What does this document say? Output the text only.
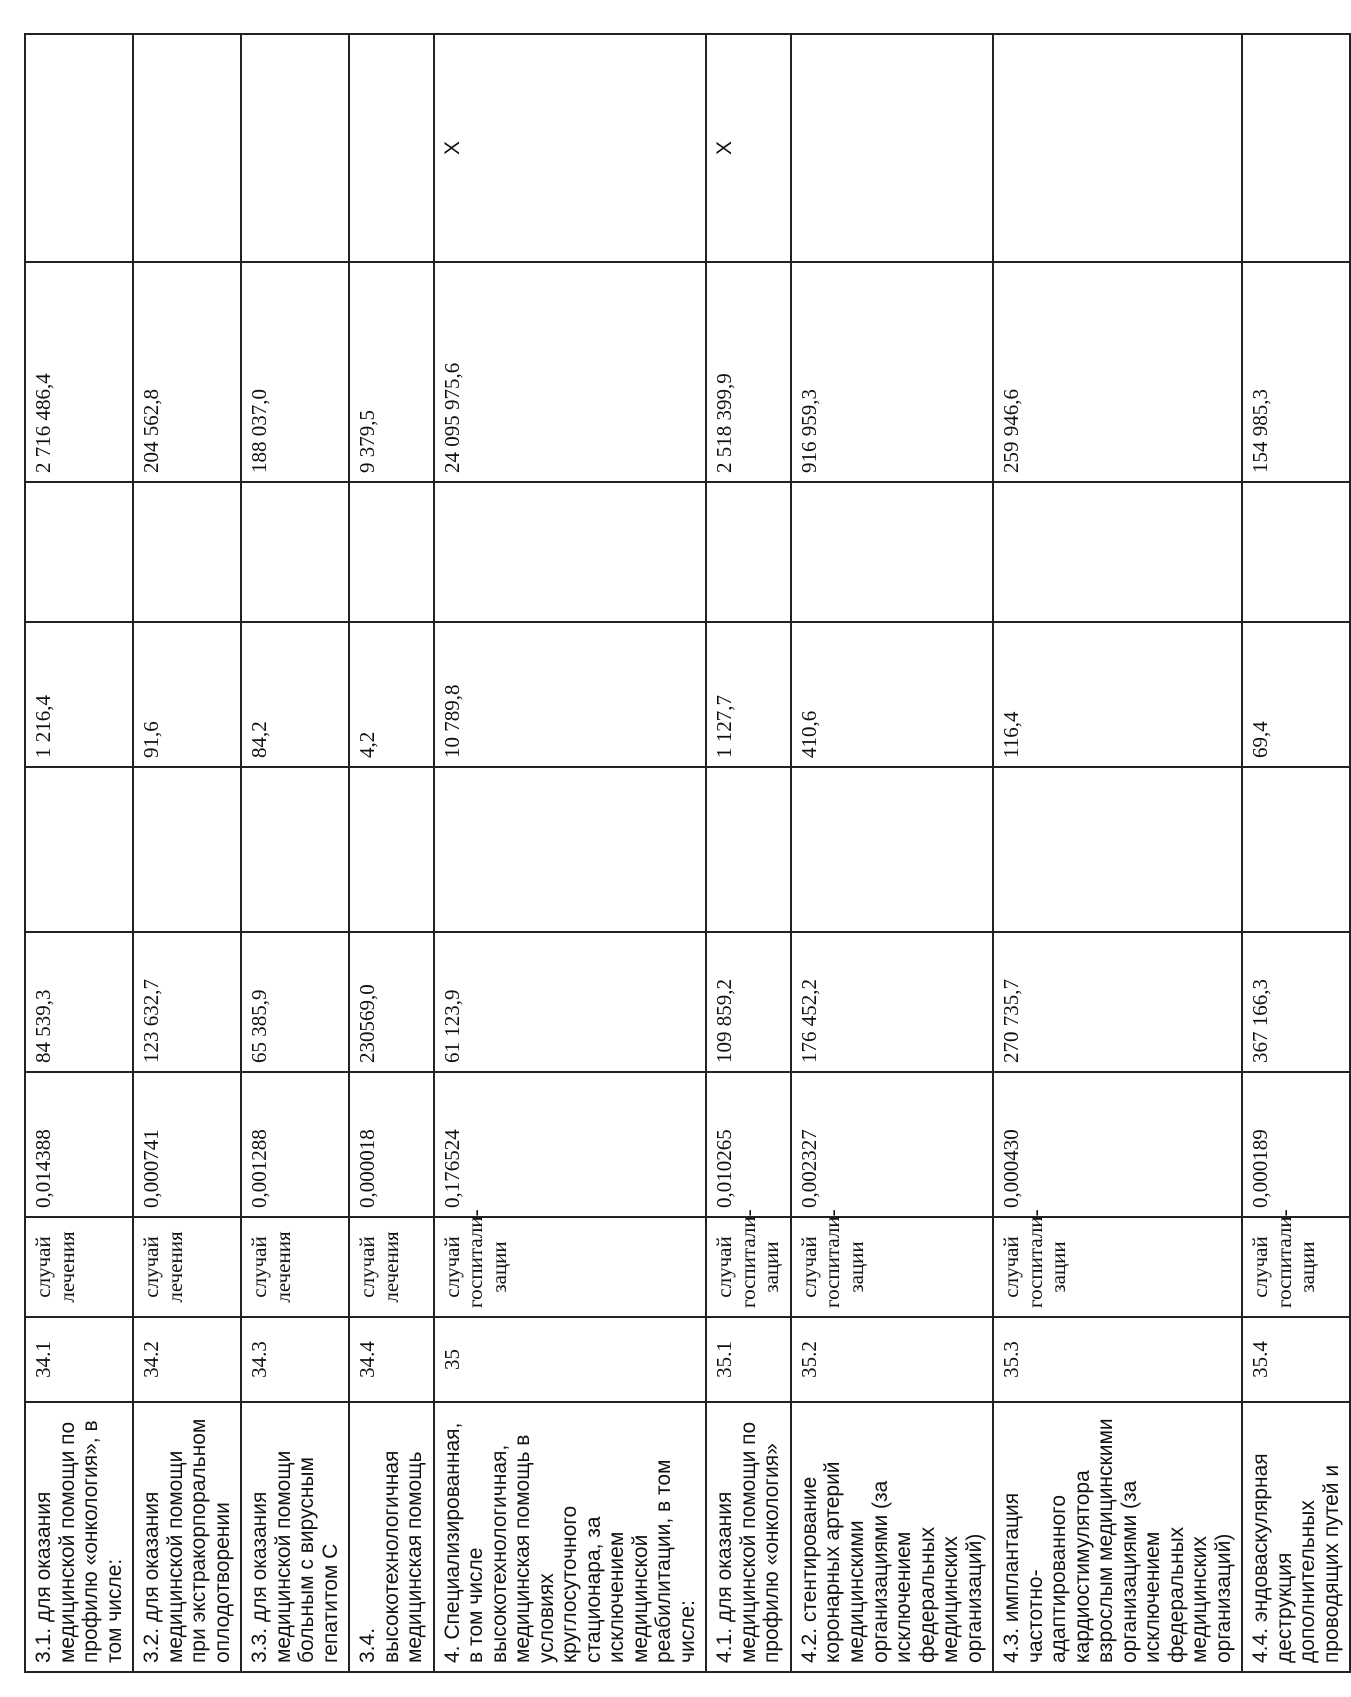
3.1. для оказания медицинской помощи по профилю «онкология», в том числе:	34.1	случай лечения	0,014388	84 539,3		1 216,4		2 716 486,4	
3.2. для оказания медицинской помощи при экстракорпоральном оплодотворении	34.2	случай лечения	0,000741	123 632,7		91,6		204 562,8	
3.3. для оказания медицинской помощи больным с вирусным гепатитом С	34.3	случай лечения	0,001288	65 385,9		84,2		188 037,0	
3.4. высокотехнологичная медицинская помощь	34.4	случай лечения	0,000018	230569,0		4,2		9 379,5	
4. Специализированная, в том числе высокотехнологичная, медицинская помощь в условиях круглосуточного стационара, за исключением медицинской реабилитации, в том числе:	35	случай госпитали-зации	0,176524	61 123,9		10 789,8		24 095 975,6	X
4.1. для оказания медицинской помощи по профилю «онкология»	35.1	случай госпитали-зации	0,010265	109 859,2		1 127,7		2 518 399,9	X
4.2. стентирование коронарных артерий медицинскими организациями (за исключением федеральных медицинских организаций)	35.2	случай госпитали-зации	0,002327	176 452,2		410,6		916 959,3	
4.3. имплантация частотно-адаптированного кардиостимулятора взрослым медицинскими организациями (за исключением федеральных медицинских организаций)	35.3	случай госпитали-зации	0,000430	270 735,7		116,4		259 946,6	
4.4. эндоваскулярная деструкция дополнительных проводящих путей и	35.4	случай госпитали-зации	0,000189	367 166,3		69,4		154 985,3	
